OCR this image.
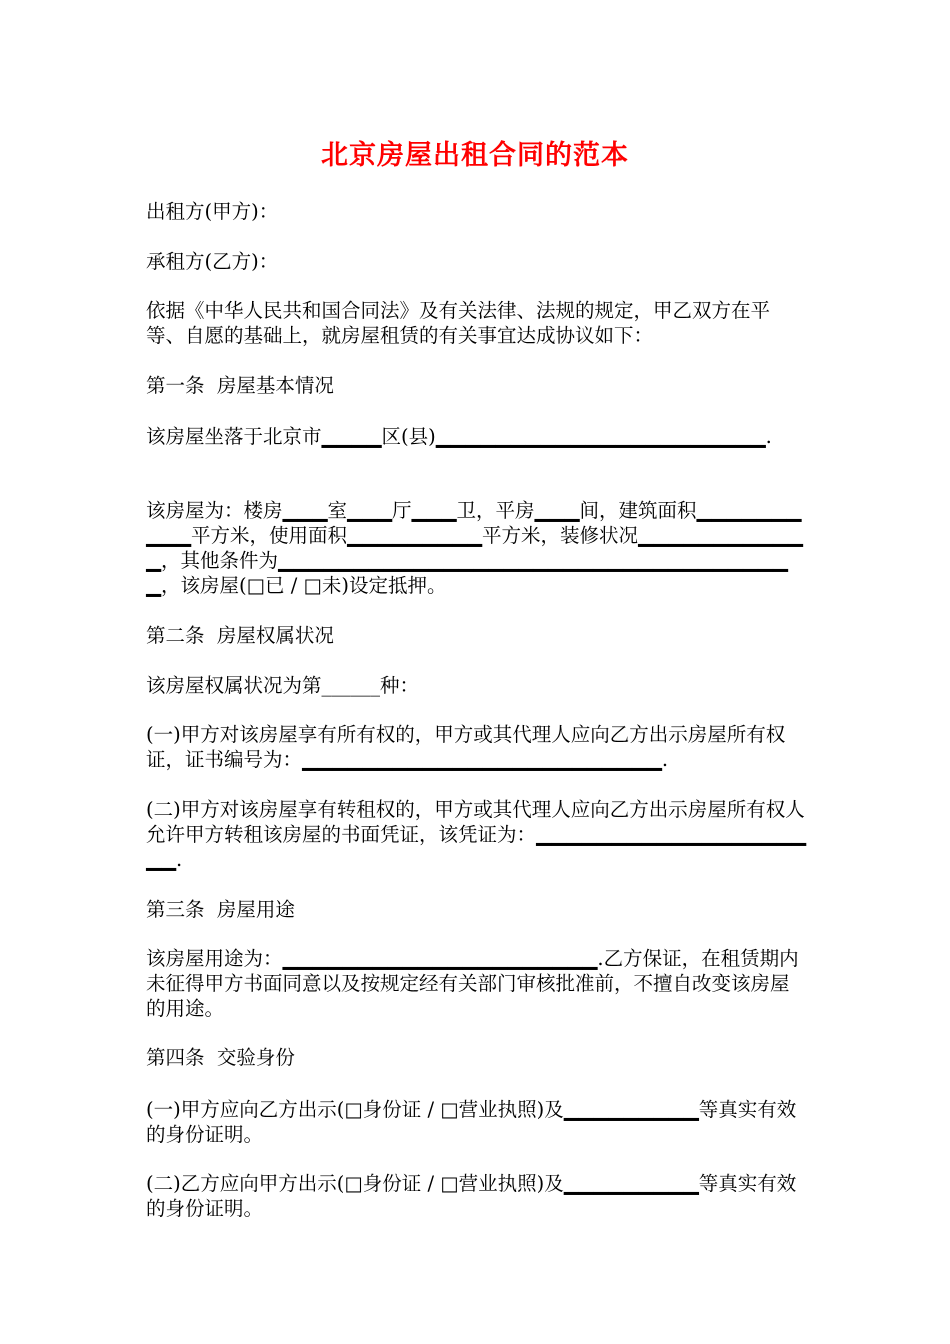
北京房屋出租合同的范本
出租方(甲方)：
承租方(乙方)：
依据《中华人民共和国合同法》及有关法律、法规的规定，甲乙双方在平等、自愿的基础上，就房屋租赁的有关事宜达成协议如下：
第一条  房屋基本情况
该房屋坐落于北京市▁▁▁▁区(县)▁▁▁▁▁▁▁▁▁▁▁▁▁▁▁▁▁▁▁▁▁▁.
该房屋为：楼房▁▁▁室▁▁▁厅▁▁▁卫，平房▁▁▁间，建筑面积▁▁▁▁▁▁▁▁▁▁平方米，使用面积▁▁▁▁▁▁▁▁▁平方米，装修状况▁▁▁▁▁▁▁▁▁▁▁▁，其他条件为▁▁▁▁▁▁▁▁▁▁▁▁▁▁▁▁▁▁▁▁▁▁▁▁▁▁▁▁▁▁▁▁▁▁▁，该房屋(□已 / □未)设定抵押。
第二条  房屋权属状况
该房屋权属状况为第______种：
(一)甲方对该房屋享有所有权的，甲方或其代理人应向乙方出示房屋所有权证，证书编号为：▁▁▁▁▁▁▁▁▁▁▁▁▁▁▁▁▁▁▁▁▁▁▁▁.
(二)甲方对该房屋享有转租权的，甲方或其代理人应向乙方出示房屋所有权人允许甲方转租该房屋的书面凭证，该凭证为：▁▁▁▁▁▁▁▁▁▁▁▁▁▁▁▁▁▁▁▁.
第三条  房屋用途
该房屋用途为：▁▁▁▁▁▁▁▁▁▁▁▁▁▁▁▁▁▁▁▁▁.乙方保证，在租赁期内未征得甲方书面同意以及按规定经有关部门审核批准前，不擅自改变该房屋的用途。
第四条  交验身份
(一)甲方应向乙方出示(□身份证 / □营业执照)及▁▁▁▁▁▁▁▁▁等真实有效的身份证明。
(二)乙方应向甲方出示(□身份证 / □营业执照)及▁▁▁▁▁▁▁▁▁等真实有效的身份证明。
